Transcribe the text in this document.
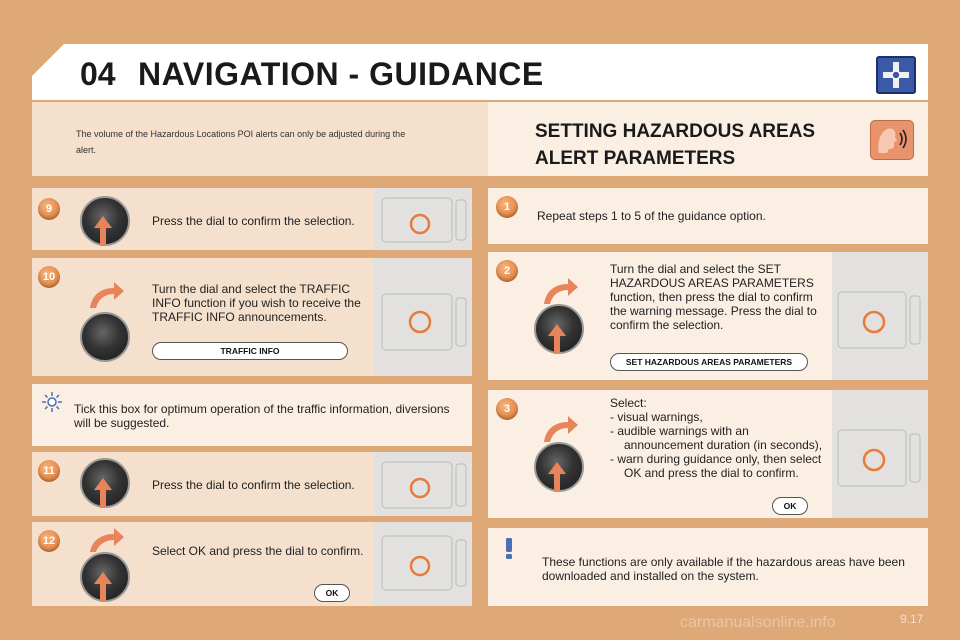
04 NAVIGATION - GUIDANCE
The volume of the Hazardous Locations POI alerts can only be adjusted during the alert.
SETTING HAZARDOUS AREAS ALERT PARAMETERS
9
Press the dial to confirm the selection.
10
Turn the dial and select the TRAFFIC INFO function if you wish to receive the TRAFFIC INFO announcements.
TRAFFIC INFO
Tick this box for optimum operation of the traffic information, diversions will be suggested.
11
Press the dial to confirm the selection.
12
Select OK and press the dial to confirm.
OK
1
Repeat steps 1 to 5 of the guidance option.
2	Turn the dial and select the SET HAZARDOUS AREAS PARAMETERS function, then press the dial to confirm the warning message. Press the dial to confirm the selection.
SET HAZARDOUS AREAS PARAMETERS
3	Select:
- visual warnings,
- audible warnings with an announcement duration (in seconds),
- warn during guidance only, then select OK and press the dial to confirm.
OK
These functions are only available if the hazardous areas have been downloaded and installed on the system.
carmanualsonline.info	9.17
